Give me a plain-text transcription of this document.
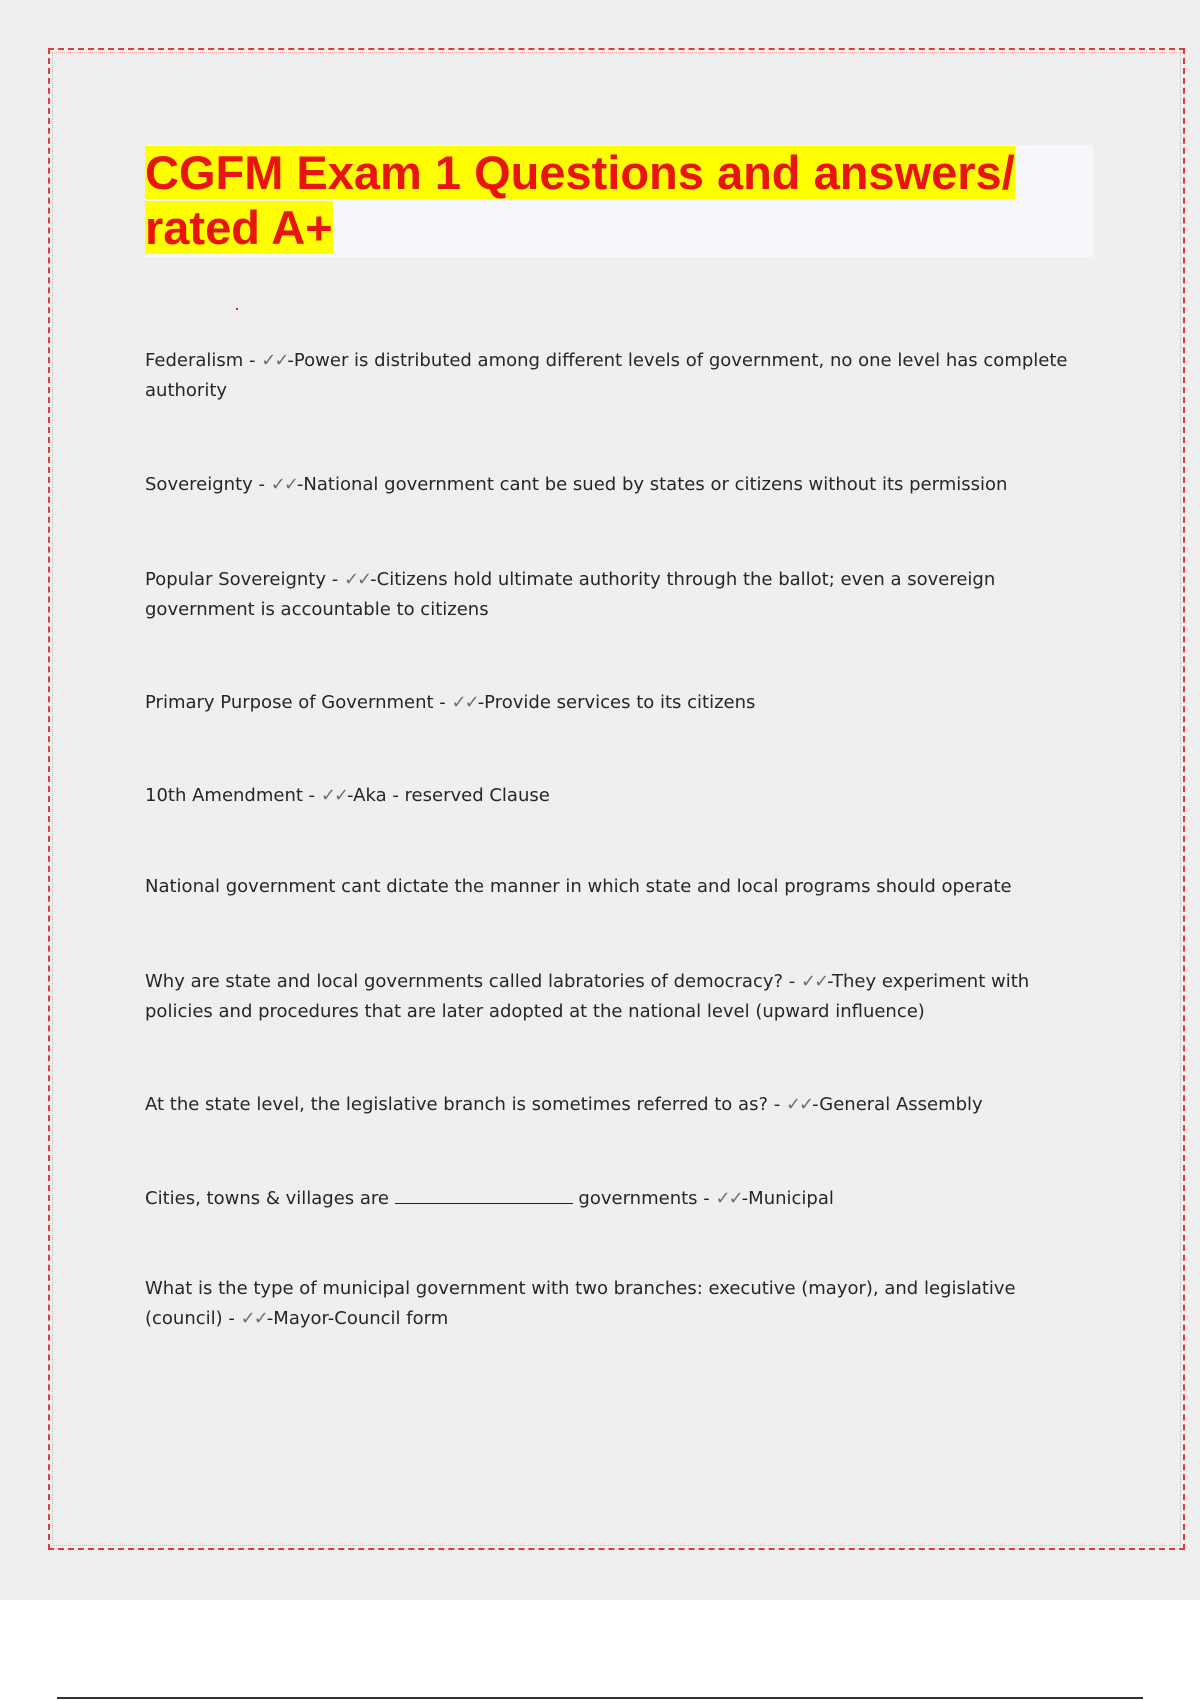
CGFM Exam 1 Questions and answers/
rated A+

Federalism - ✓✓-Power is distributed among different levels of government, no one level has complete authority

Sovereignty - ✓✓-National government cant be sued by states or citizens without its permission

Popular Sovereignty - ✓✓-Citizens hold ultimate authority through the ballot; even a sovereign government is accountable to citizens

Primary Purpose of Government - ✓✓-Provide services to its citizens

10th Amendment - ✓✓-Aka - reserved Clause

National government cant dictate the manner in which state and local programs should operate

Why are state and local governments called labratories of democracy? - ✓✓-They experiment with policies and procedures that are later adopted at the national level (upward influence)

At the state level, the legislative branch is sometimes referred to as? - ✓✓-General Assembly

Cities, towns & villages are	governments - ✓✓-Municipal

What is the type of municipal government with two branches: executive (mayor), and legislative (council) - ✓✓-Mayor-Council form
